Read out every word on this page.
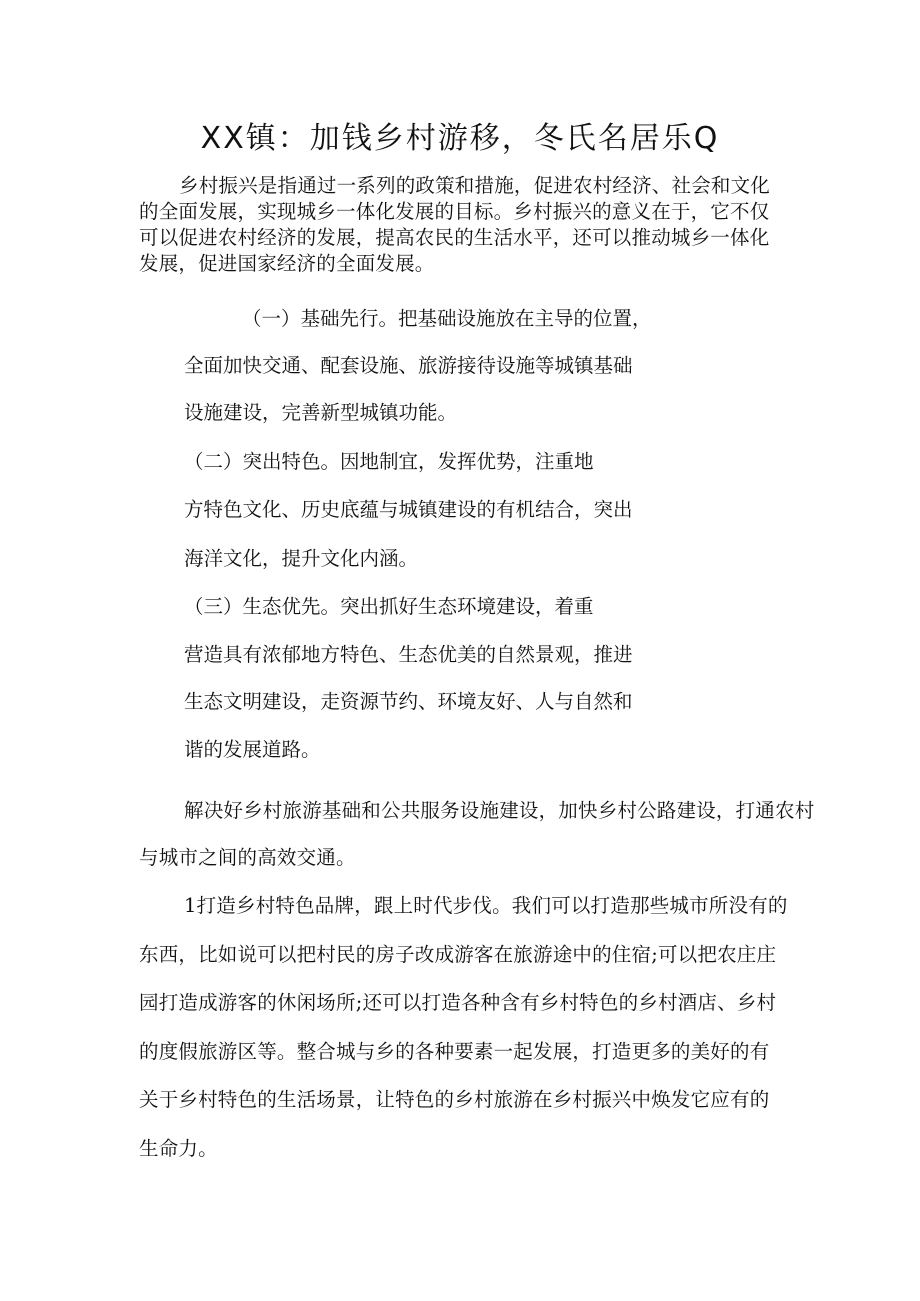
XX镇：加钱乡村游移，冬氏名居乐Q

乡村振兴是指通过一系列的政策和措施，促进农村经济、社会和文化的全面发展，实现城乡一体化发展的目标。乡村振兴的意义在于，它不仅可以促进农村经济的发展，提高农民的生活水平，还可以推动城乡一体化发展，促进国家经济的全面发展。

（一）基础先行。把基础设施放在主导的位置，

全面加快交通、配套设施、旅游接待设施等城镇基础

设施建设，完善新型城镇功能。

（二）突出特色。因地制宜，发挥优势，注重地

方特色文化、历史底蕴与城镇建设的有机结合，突出

海洋文化，提升文化内涵。

（三）生态优先。突出抓好生态环境建设，着重

营造具有浓郁地方特色、生态优美的自然景观，推进

生态文明建设，走资源节约、环境友好、人与自然和

谐的发展道路。

解决好乡村旅游基础和公共服务设施建设，加快乡村公路建设，打通农村与城市之间的高效交通。

1打造乡村特色品牌，跟上时代步伐。我们可以打造那些城市所没有的东西，比如说可以把村民的房子改成游客在旅游途中的住宿;可以把农庄庄园打造成游客的休闲场所;还可以打造各种含有乡村特色的乡村酒店、乡村的度假旅游区等。整合城与乡的各种要素一起发展，打造更多的美好的有关于乡村特色的生活场景，让特色的乡村旅游在乡村振兴中焕发它应有的生命力。
